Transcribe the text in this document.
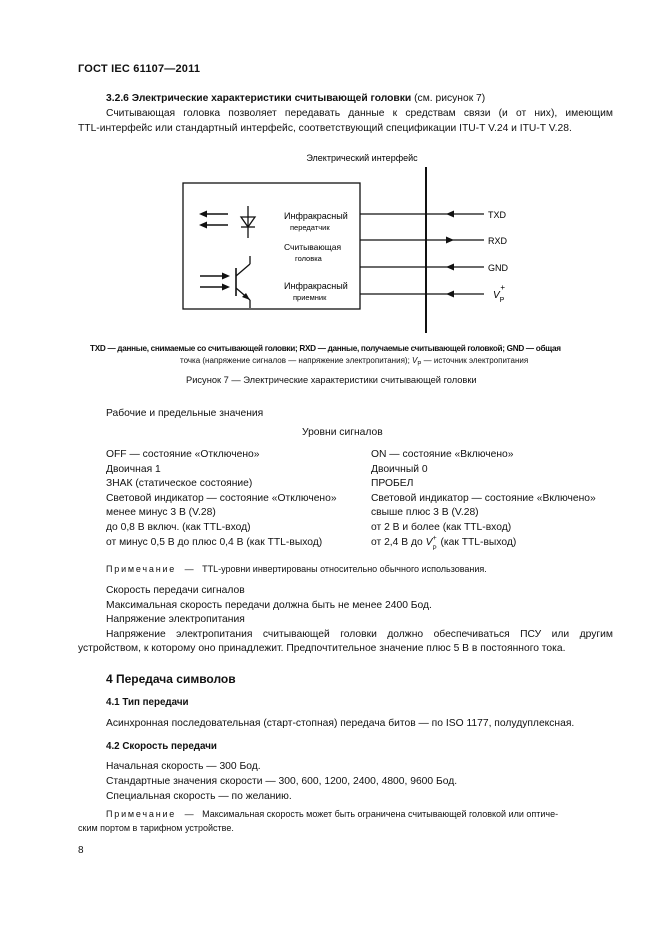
ГОСТ IEC 61107—2011
3.2.6 Электрические характеристики считывающей головки (см. рисунок 7)
Считывающая головка позволяет передавать данные к средствам связи (и от них), имеющим
TTL-интерфейс или стандартный интерфейс, соответствующий спецификации ITU-T V.24 и ITU-T V.28.
Электрический интерфейс
Инфракрасный
передатчик
Считывающая
головка
Инфракрасный
приемник
TXD
RXD
GND
$V_P+$
TXD — данные, снимаемые со считывающей головки; RXD — данные, получаемые считывающей головкой; GND — общая
точка (напряжение сигналов — напряжение электропитания); $V_P$ — источник электропитания
Рисунок 7 — Электрические характеристики считывающей головки
Рабочие и предельные значения
Уровни сигналов
OFF — состояние «Отключено»
Двоичная 1
ЗНАК (статическое состояние)
Световой индикатор — состояние «Отключено»
менее минус 3 В (V.28)
до 0,8 В включ. (как TTL-вход)
от минус 0,5 В до плюс 0,4 В (как TTL-выход)
ON — состояние «Включено»
Двоичный 0
ПРОБЕЛ
Световой индикатор — состояние «Включено»
свыше плюс 3 В (V.28)
от 2 В и более (как TTL-вход)
от 2,4 В до V +
P
(как TTL-выход)
Примечание — TTL-уровни инвертированы относительно обычного использования.
Скорость передачи сигналов
Максимальная скорость передачи должна быть не менее 2400 Бод.
Напряжение электропитания
Напряжение электропитания считывающей головки должно обеспечиваться ПСУ или другим
устройством, к которому оно принадлежит. Предпочтительное значение плюс 5 В в постоянного тока.
4 Передача символов
4.1 Тип передачи
Асинхронная последовательная (старт-стопная) передача битов — по ISO 1177, полудуплексная.
4.2 Скорость передачи
Начальная скорость — 300 Бод.
Стандартные значения скорости — 300, 600, 1200, 2400, 4800, 9600 Бод.
Специальная скорость — по желанию.
Примечание — Максимальная скорость может быть ограничена считывающей головкой или оптиче-
ским портом в тарифном устройстве.
8
